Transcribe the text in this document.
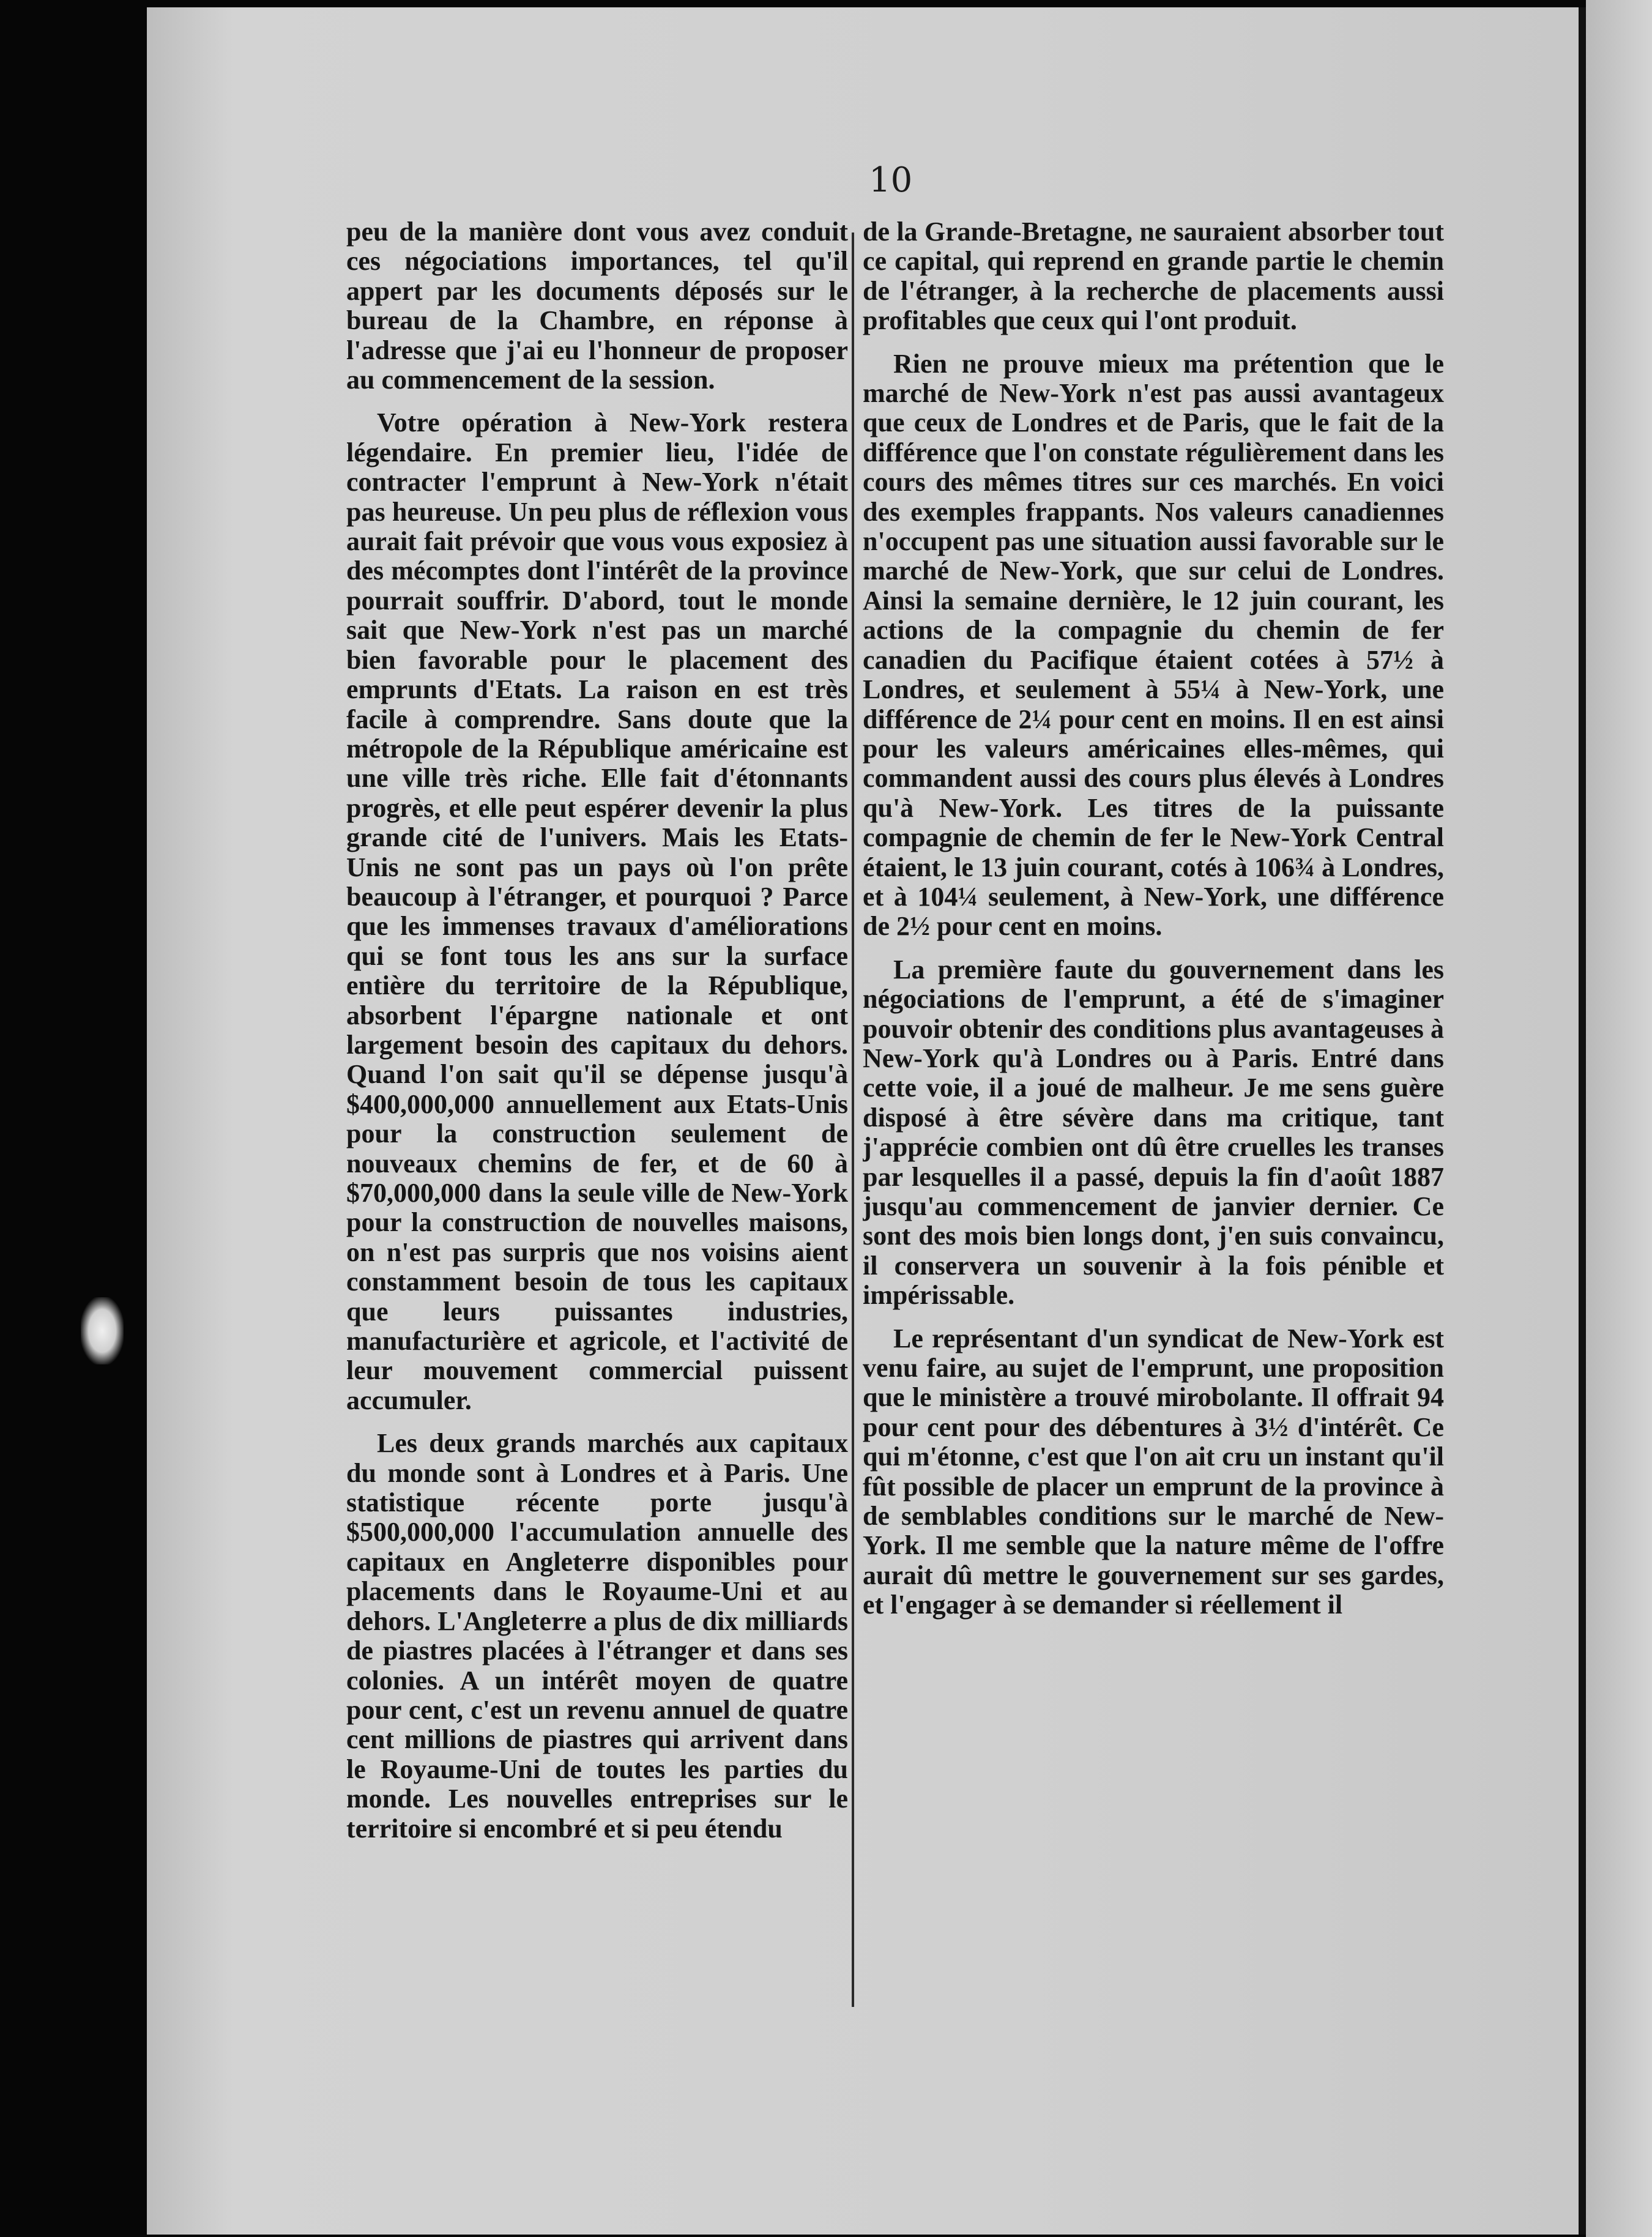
10

peu de la manière dont vous avez conduit ces négociations importances, tel qu'il appert par les documents déposés sur le bureau de la Chambre, en réponse à l'adresse que j'ai eu l'honneur de proposer au commencement de la session.

Votre opération à New-York restera légendaire. En premier lieu, l'idée de contracter l'emprunt à New-York n'était pas heureuse. Un peu plus de réflexion vous aurait fait prévoir que vous vous exposiez à des mécomptes dont l'intérêt de la province pourrait souffrir. D'abord, tout le monde sait que New-York n'est pas un marché bien favorable pour le placement des emprunts d'Etats. La raison en est très facile à comprendre. Sans doute que la métropole de la République américaine est une ville très riche. Elle fait d'étonnants progrès, et elle peut espérer devenir la plus grande cité de l'univers. Mais les Etats-Unis ne sont pas un pays où l'on prête beaucoup à l'étranger, et pourquoi ? Parce que les immenses travaux d'améliorations qui se font tous les ans sur la surface entière du territoire de la République, absorbent l'épargne nationale et ont largement besoin des capitaux du dehors. Quand l'on sait qu'il se dépense jusqu'à $400,000,000 annuellement aux Etats-Unis pour la construction seulement de nouveaux chemins de fer, et de 60 à $70,000,000 dans la seule ville de New-York pour la construction de nouvelles maisons, on n'est pas surpris que nos voisins aient constamment besoin de tous les capitaux que leurs puissantes industries, manufacturière et agricole, et l'activité de leur mouvement commercial puissent accumuler.

Les deux grands marchés aux capitaux du monde sont à Londres et à Paris. Une statistique récente porte jusqu'à $500,000,000 l'accumulation annuelle des capitaux en Angleterre disponibles pour placements dans le Royaume-Uni et au dehors. L'Angleterre a plus de dix milliards de piastres placées à l'étranger et dans ses colonies. A un intérêt moyen de quatre pour cent, c'est un revenu annuel de quatre cent millions de piastres qui arrivent dans le Royaume-Uni de toutes les parties du monde. Les nouvelles entreprises sur le territoire si encombré et si peu étendu

de la Grande-Bretagne, ne sauraient absorber tout ce capital, qui reprend en grande partie le chemin de l'étranger, à la recherche de placements aussi profitables que ceux qui l'ont produit.

Rien ne prouve mieux ma prétention que le marché de New-York n'est pas aussi avantageux que ceux de Londres et de Paris, que le fait de la différence que l'on constate régulièrement dans les cours des mêmes titres sur ces marchés. En voici des exemples frappants. Nos valeurs canadiennes n'occupent pas une situation aussi favorable sur le marché de New-York, que sur celui de Londres. Ainsi la semaine dernière, le 12 juin courant, les actions de la compagnie du chemin de fer canadien du Pacifique étaient cotées à 57½ à Londres, et seulement à 55¼ à New-York, une différence de 2¼ pour cent en moins. Il en est ainsi pour les valeurs américaines elles-mêmes, qui commandent aussi des cours plus élevés à Londres qu'à New-York. Les titres de la puissante compagnie de chemin de fer le New-York Central étaient, le 13 juin courant, cotés à 106¾ à Londres, et à 104¼ seulement, à New-York, une différence de 2½ pour cent en moins.

La première faute du gouvernement dans les négociations de l'emprunt, a été de s'imaginer pouvoir obtenir des conditions plus avantageuses à New-York qu'à Londres ou à Paris. Entré dans cette voie, il a joué de malheur. Je me sens guère disposé à être sévère dans ma critique, tant j'apprécie combien ont dû être cruelles les transes par lesquelles il a passé, depuis la fin d'août 1887 jusqu'au commencement de janvier dernier. Ce sont des mois bien longs dont, j'en suis convaincu, il conservera un souvenir à la fois pénible et impérissable.

Le représentant d'un syndicat de New-York est venu faire, au sujet de l'emprunt, une proposition que le ministère a trouvé mirobolante. Il offrait 94 pour cent pour des débentures à 3½ d'intérêt. Ce qui m'étonne, c'est que l'on ait cru un instant qu'il fût possible de placer un emprunt de la province à de semblables conditions sur le marché de New-York. Il me semble que la nature même de l'offre aurait dû mettre le gouvernement sur ses gardes, et l'engager à se demander si réellement il
